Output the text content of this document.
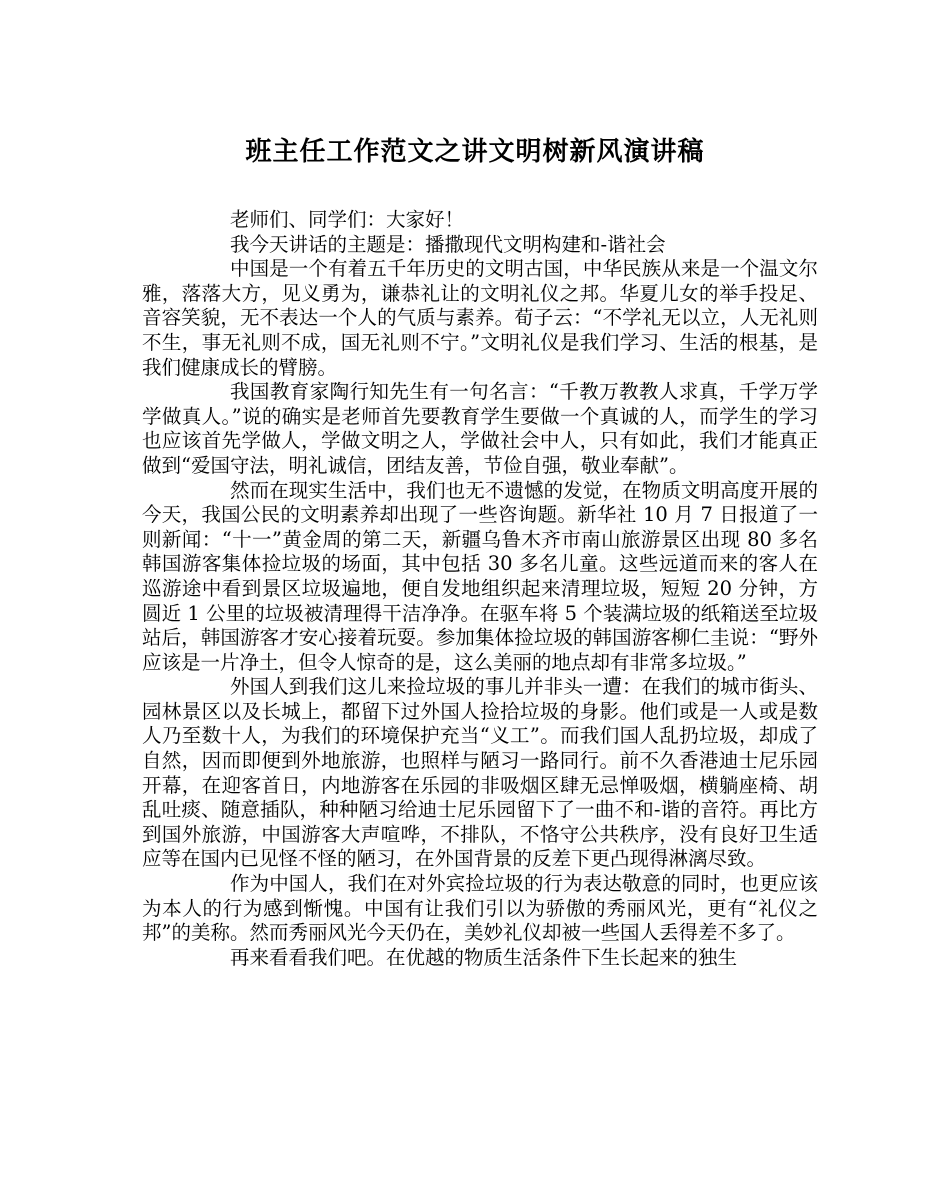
班主任工作范文之讲文明树新风演讲稿

老师们、同学们：大家好！

我今天讲话的主题是：播撒现代文明构建和-谐社会

中国是一个有着五千年历史的文明古国，中华民族从来是一个温文尔雅，落落大方，见义勇为，谦恭礼让的文明礼仪之邦。华夏儿女的举手投足、音容笑貌，无不表达一个人的气质与素养。荀子云：“不学礼无以立，人无礼则不生，事无礼则不成，国无礼则不宁。”文明礼仪是我们学习、生活的根基，是我们健康成长的臂膀。

我国教育家陶行知先生有一句名言：“千教万教教人求真，千学万学学做真人。”说的确实是老师首先要教育学生要做一个真诚的人，而学生的学习也应该首先学做人，学做文明之人，学做社会中人，只有如此，我们才能真正做到“爱国守法，明礼诚信，团结友善，节俭自强，敬业奉献”。

然而在现实生活中，我们也无不遗憾的发觉，在物质文明高度开展的今天，我国公民的文明素养却出现了一些咨询题。新华社 10 月 7 日报道了一则新闻：“十一”黄金周的第二天，新疆乌鲁木齐市南山旅游景区出现 80 多名韩国游客集体捡垃圾的场面，其中包括 30 多名儿童。这些远道而来的客人在巡游途中看到景区垃圾遍地，便自发地组织起来清理垃圾，短短 20 分钟，方圆近 1 公里的垃圾被清理得干洁净净。在驱车将 5 个装满垃圾的纸箱送至垃圾站后，韩国游客才安心接着玩耍。参加集体捡垃圾的韩国游客柳仁圭说：“野外应该是一片净土，但令人惊奇的是，这么美丽的地点却有非常多垃圾。”

外国人到我们这儿来捡垃圾的事儿并非头一遭：在我们的城市街头、园林景区以及长城上，都留下过外国人捡拾垃圾的身影。他们或是一人或是数人乃至数十人，为我们的环境保护充当“义工”。而我们国人乱扔垃圾，却成了自然，因而即便到外地旅游，也照样与陋习一路同行。前不久香港迪士尼乐园开幕，在迎客首日，内地游客在乐园的非吸烟区肆无忌惮吸烟，横躺座椅、胡乱吐痰、随意插队，种种陋习给迪士尼乐园留下了一曲不和-谐的音符。再比方到国外旅游，中国游客大声喧哗，不排队，不恪守公共秩序，没有良好卫生适应等在国内已见怪不怪的陋习，在外国背景的反差下更凸现得淋漓尽致。

作为中国人，我们在对外宾捡垃圾的行为表达敬意的同时，也更应该为本人的行为感到惭愧。中国有让我们引以为骄傲的秀丽风光，更有“礼仪之邦”的美称。然而秀丽风光今天仍在，美妙礼仪却被一些国人丢得差不多了。

再来看看我们吧。在优越的物质生活条件下生长起来的独生
